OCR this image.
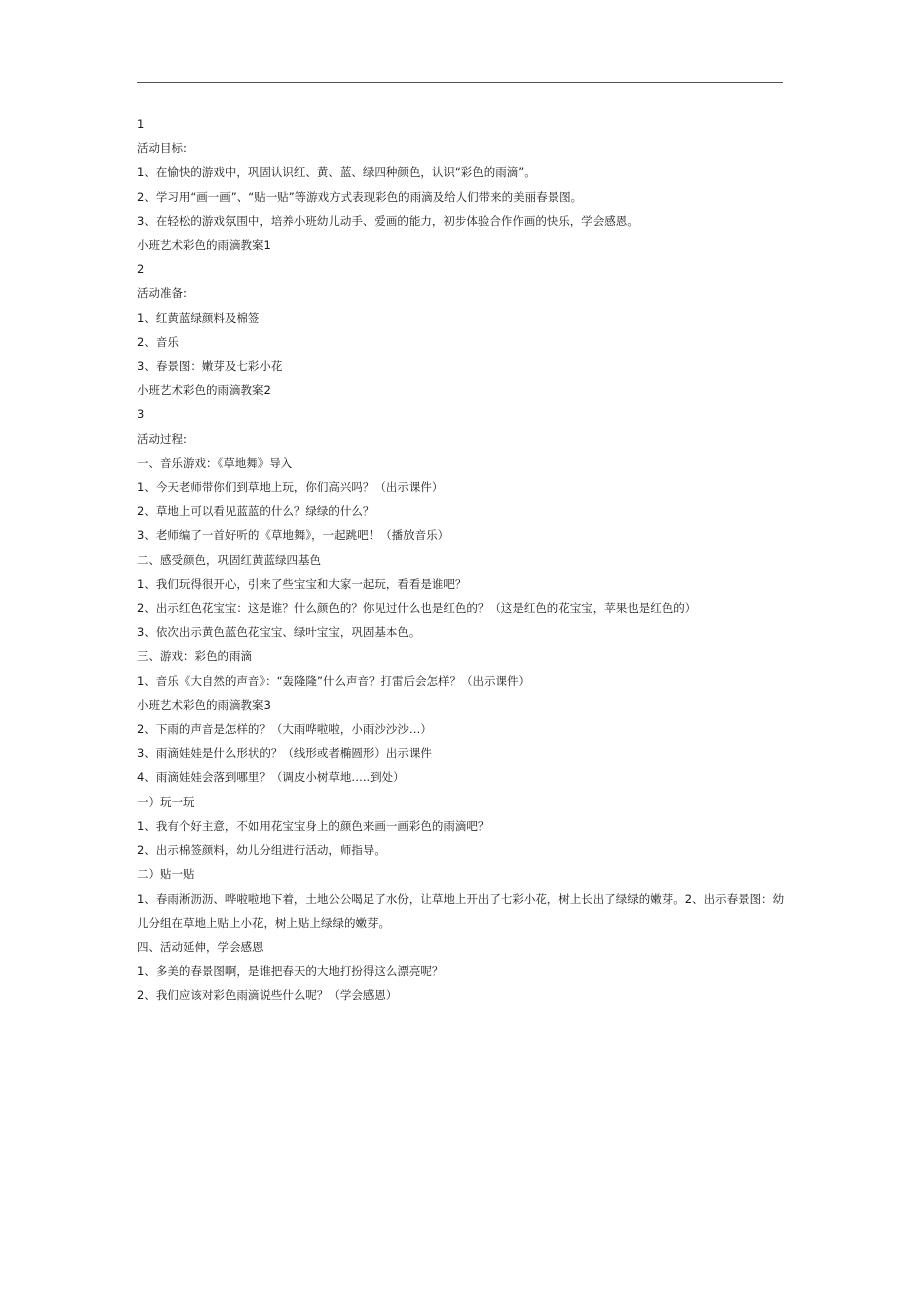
1

活动目标:

1、在愉快的游戏中，巩固认识红、黄、蓝、绿四种颜色，认识“彩色的雨滴”。

2、学习用“画一画”、“贴一贴”等游戏方式表现彩色的雨滴及给人们带来的美丽春景图。

3、在轻松的游戏氛围中，培养小班幼儿动手、爱画的能力，初步体验合作作画的快乐，学会感恩。

小班艺术彩色的雨滴教案1

2

活动准备:

1、红黄蓝绿颜料及棉签

2、音乐

3、春景图：嫩芽及七彩小花

小班艺术彩色的雨滴教案2

3

活动过程:

一、音乐游戏：《草地舞》导入

1、今天老师带你们到草地上玩，你们高兴吗？（出示课件）

2、草地上可以看见蓝蓝的什么？绿绿的什么？

3、老师编了一首好听的《草地舞》，一起跳吧！（播放音乐）

二、感受颜色，巩固红黄蓝绿四基色

1、我们玩得很开心，引来了些宝宝和大家一起玩，看看是谁吧？

2、出示红色花宝宝：这是谁？什么颜色的？你见过什么也是红色的？（这是红色的花宝宝，苹果也是红色的）

3、依次出示黄色蓝色花宝宝、绿叶宝宝，巩固基本色。

三、游戏：彩色的雨滴

1、音乐《大自然的声音》：“轰隆隆”什么声音？打雷后会怎样？（出示课件）

小班艺术彩色的雨滴教案3

2、下雨的声音是怎样的？（大雨哗啦啦，小雨沙沙沙…）

3、雨滴娃娃是什么形状的？（线形或者椭圆形）出示课件

4、雨滴娃娃会落到哪里？（调皮小树草地…..到处）

一）玩一玩

1、我有个好主意，不如用花宝宝身上的颜色来画一画彩色的雨滴吧？

2、出示棉签颜料，幼儿分组进行活动，师指导。

二）贴一贴

1、春雨淅沥沥、哗啦啦地下着，土地公公喝足了水份，让草地上开出了七彩小花，树上长出了绿绿的嫩芽。2、出示春景图：幼儿分组在草地上贴上小花，树上贴上绿绿的嫩芽。

四、活动延伸，学会感恩

1、多美的春景图啊，是谁把春天的大地打扮得这么漂亮呢？

2、我们应该对彩色雨滴说些什么呢？（学会感恩）
